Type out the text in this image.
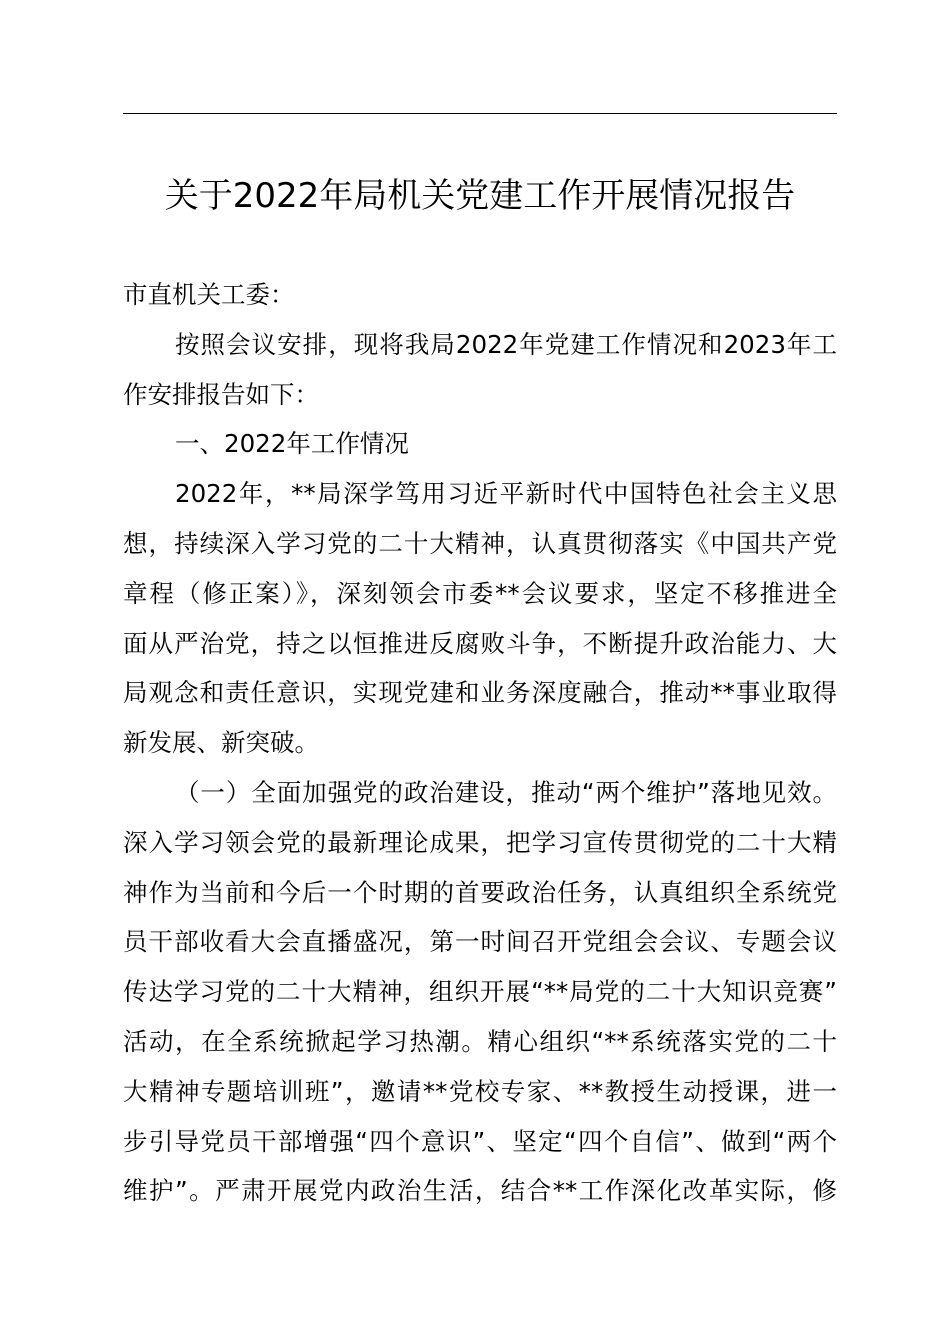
关于2022年局机关党建工作开展情况报告
市直机关工委：
按照会议安排，现将我局2022年党建工作情况和2023年工
作安排报告如下：
一、2022年工作情况
2022年，**局深学笃用习近平新时代中国特色社会主义思
想，持续深入学习党的二十大精神，认真贯彻落实《中国共产党
章程（修正案）》，深刻领会市委**会议要求，坚定不移推进全
面从严治党，持之以恒推进反腐败斗争，不断提升政治能力、大
局观念和责任意识，实现党建和业务深度融合，推动**事业取得
新发展、新突破。
（一）全面加强党的政治建设，推动“两个维护”落地见效。
深入学习领会党的最新理论成果，把学习宣传贯彻党的二十大精
神作为当前和今后一个时期的首要政治任务，认真组织全系统党
员干部收看大会直播盛况，第一时间召开党组会会议、专题会议
传达学习党的二十大精神，组织开展“**局党的二十大知识竞赛”
活动，在全系统掀起学习热潮。精心组织“**系统落实党的二十
大精神专题培训班”，邀请**党校专家、**教授生动授课，进一
步引导党员干部增强“四个意识”、坚定“四个自信”、做到“两个
维护”。严肃开展党内政治生活，结合**工作深化改革实际，修
